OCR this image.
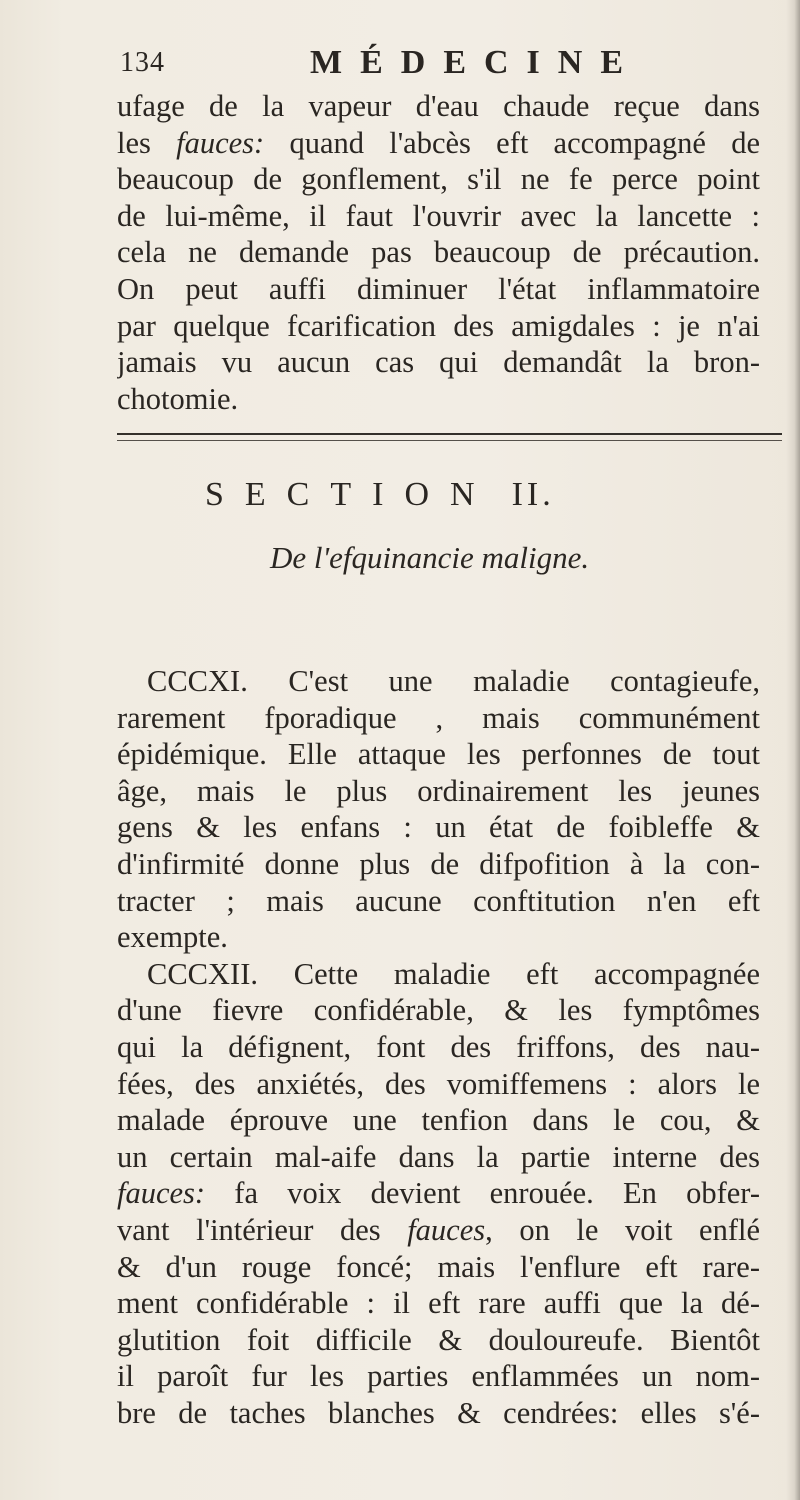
134	MÉDECINE
ufage de la vapeur d'eau chaude reçue dans
les fauces: quand l'abcès eft accompagné de
beaucoup de gonflement, s'il ne fe perce point
de lui-même, il faut l'ouvrir avec la lancette :
cela ne demande pas beaucoup de précaution.
On peut auffi diminuer l'état inflammatoire
par quelque fcarification des amigdales : je n'ai
jamais vu aucun cas qui demandât la bron-
chotomie.
SECTION II.
De l'efquinancie maligne.
CCCXI. C'est une maladie contagieufe,
rarement fporadique , mais communément
épidémique. Elle attaque les perfonnes de tout
âge, mais le plus ordinairement les jeunes
gens & les enfans : un état de foibleffe &
d'infirmité donne plus de difpofition à la con-
tracter ; mais aucune conftitution n'en eft
exempte.
CCCXII. Cette maladie eft accompagnée
d'une fievre confidérable, & les fymptômes
qui la défignent, font des friffons, des nau-
fées, des anxiétés, des vomiffemens : alors le
malade éprouve une tenfion dans le cou, &
un certain mal-aife dans la partie interne des
fauces: fa voix devient enrouée. En obfer-
vant l'intérieur des fauces, on le voit enflé
& d'un rouge foncé; mais l'enflure eft rare-
ment confidérable : il eft rare auffi que la dé-
glutition foit difficile & douloureufe. Bientôt
il paroît fur les parties enflammées un nom-
bre de taches blanches & cendrées: elles s'é-
